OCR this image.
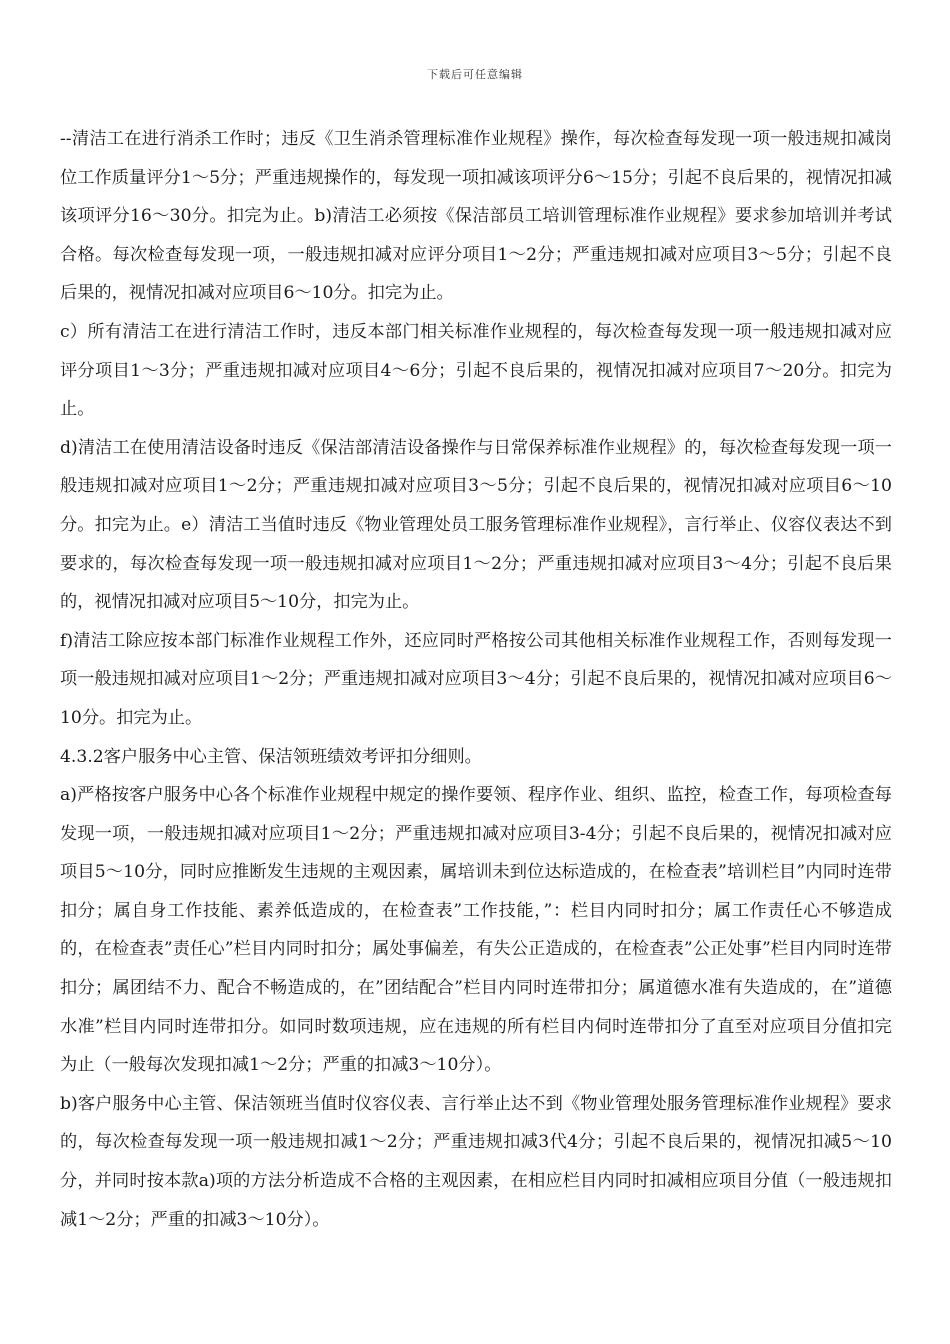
下载后可任意编辑

--清洁工在进行消杀工作时；违反《卫生消杀管理标准作业规程》操作，每次检查每发现一项一般违规扣减岗位工作质量评分1～5分；严重违规操作的，每发现一项扣减该项评分6～15分；引起不良后果的，视情况扣减该项评分16～30分。扣完为止。b)清洁工必须按《保洁部员工培训管理标准作业规程》要求参加培训并考试合格。每次检查每发现一项，一般违规扣减对应评分项目1～2分；严重违规扣减对应项目3～5分；引起不良后果的，视情况扣减对应项目6～10分。扣完为止。

c）所有清洁工在进行清洁工作时，违反本部门相关标准作业规程的，每次检查每发现一项一般违规扣减对应评分项目1～3分；严重违规扣减对应项目4～6分；引起不良后果的，视情况扣减对应项目7～20分。扣完为止。

d)清洁工在使用清洁设备时违反《保洁部清洁设备操作与日常保养标准作业规程》的，每次检查每发现一项一般违规扣减对应项目1～2分；严重违规扣减对应项目3～5分；引起不良后果的，视情况扣减对应项目6～10分。扣完为止。e）清洁工当值时违反《物业管理处员工服务管理标准作业规程》，言行举止、仪容仪表达不到要求的，每次检查每发现一项一般违规扣减对应项目1～2分；严重违规扣减对应项目3～4分；引起不良后果的，视情况扣减对应项目5～10分，扣完为止。

f)清洁工除应按本部门标准作业规程工作外，还应同时严格按公司其他相关标准作业规程工作，否则每发现一项一般违规扣减对应项目1～2分；严重违规扣减对应项目3～4分；引起不良后果的，视情况扣减对应项目6～10分。扣完为止。

4.3.2客户服务中心主管、保洁领班绩效考评扣分细则。

a)严格按客户服务中心各个标准作业规程中规定的操作要领、程序作业、组织、监控，检查工作，每项检查每发现一项，一般违规扣减对应项目1～2分；严重违规扣减对应项目3-4分；引起不良后果的，视情况扣减对应项目5～10分，同时应推断发生违规的主观因素，属培训未到位达标造成的，在检查表”培训栏目”内同时连带扣分；属自身工作技能、素养低造成的，在检查表”工作技能，”：栏目内同时扣分；属工作责任心不够造成的，在检查表”责任心”栏目内同时扣分；属处事偏差，有失公正造成的，在检查表”公正处事”栏目内同时连带扣分；属团结不力、配合不畅造成的，在”团结配合”栏目内同时连带扣分；属道德水准有失造成的，在”道德水准”栏目内同时连带扣分。如同时数项违规，应在违规的所有栏目内伺时连带扣分了直至对应项目分值扣完为止（一般每次发现扣减1～2分；严重的扣减3～10分）。

b)客户服务中心主管、保洁领班当值时仪容仪表、言行举止达不到《物业管理处服务管理标准作业规程》要求的，每次检查每发现一项一般违规扣减1～2分；严重违规扣减3代4分；引起不良后果的，视情况扣减5～10分，并同时按本款a)项的方法分析造成不合格的主观因素，在相应栏目内同时扣减相应项目分值（一般违规扣减1～2分；严重的扣减3～10分）。
